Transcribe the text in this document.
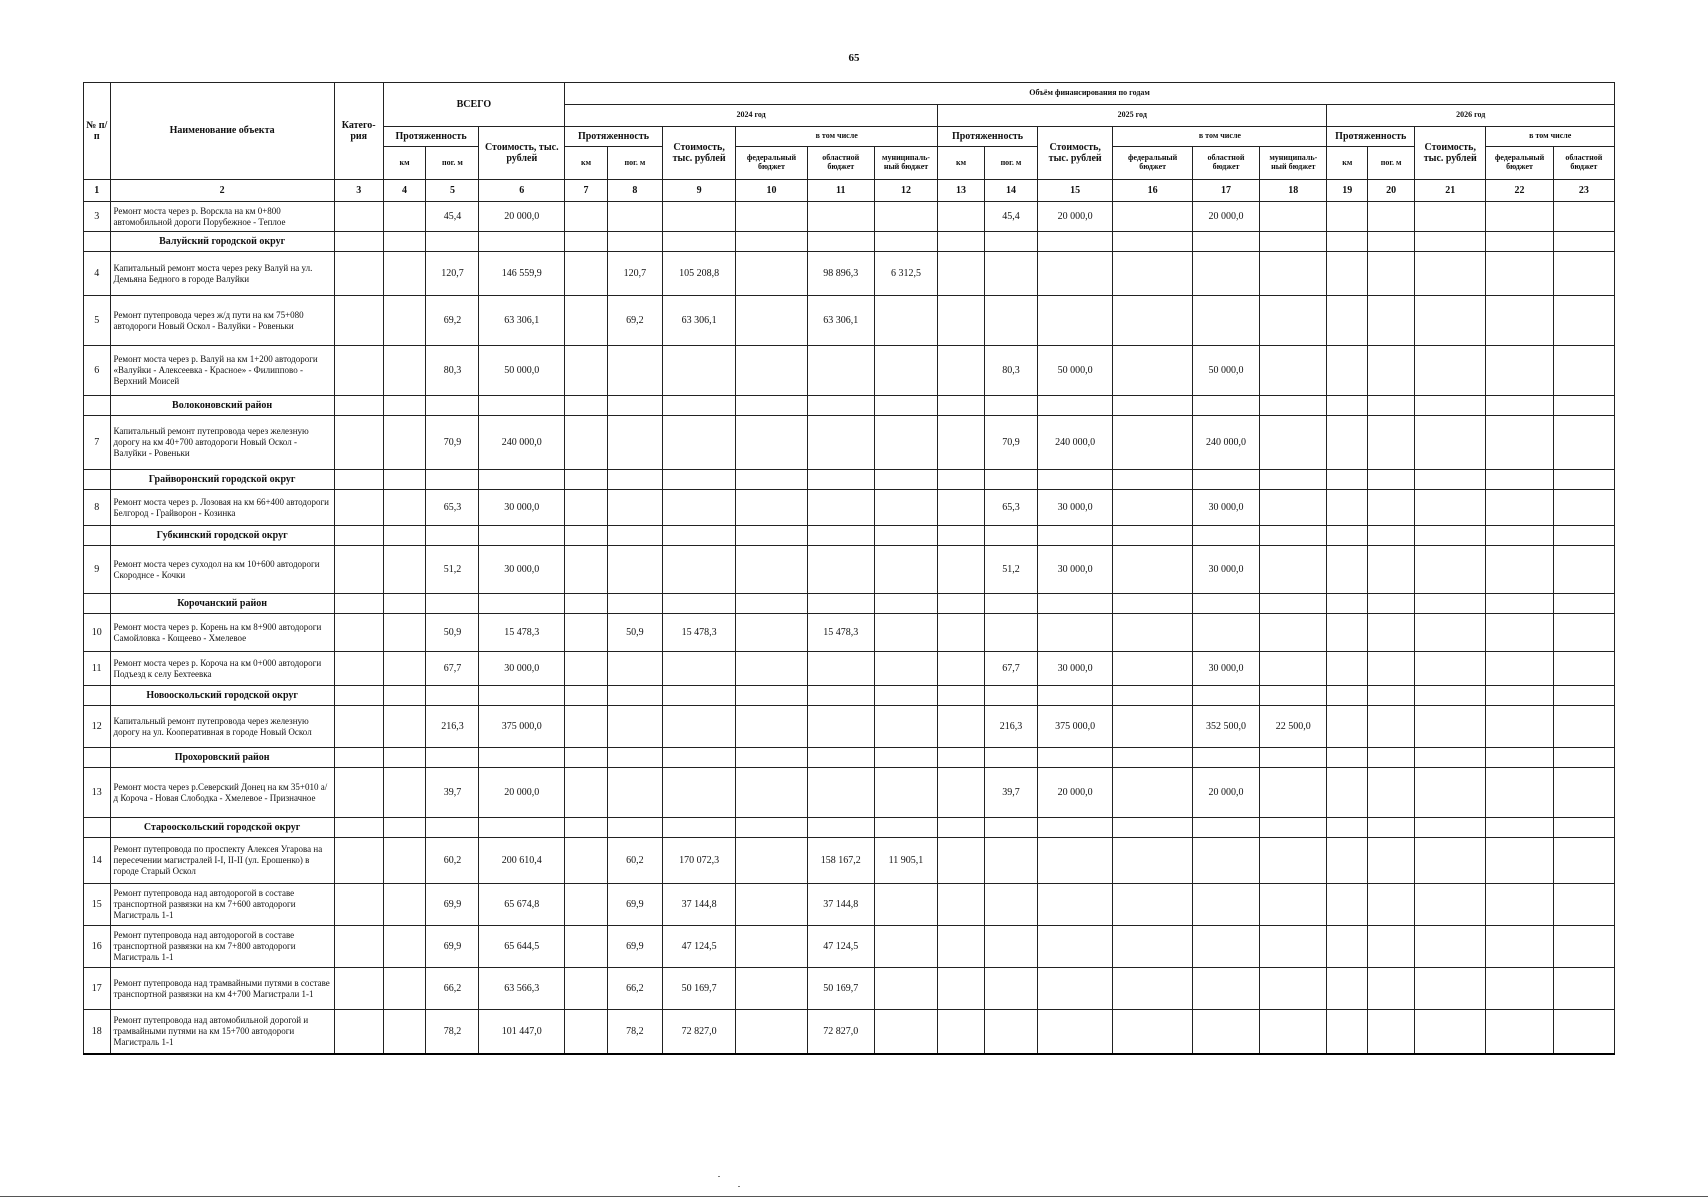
65
№ п/п	Наименование объекта	Катего-рия	ВСЕГО			Объём финансирования по годам																
						2024 год						2025 год						2026 год				
			Протяженность		Стоимость, тыс. рублей	Протяженность		Стоимость, тыс. рублей	в том числе			Протяженность		Стоимость, тыс. рублей	в том числе			Протяженность		Стоимость, тыс. рублей	в том числе	
			км	пог. м		км	пог. м		федеральный бюджет	областной бюджет	муниципаль-ный бюджет	км	пог. м		федеральный бюджет	областной бюджет	муниципаль-ный бюджет	км	пог. м		федеральный бюджет	областной бюджет
1	2	3	4	5	6	7	8	9	10	11	12	13	14	15	16	17	18	19	20	21	22	23
3	Ремонт моста через р. Ворскла на км 0+800 автомобильной дороги Порубежное - Теплое			45,4	20 000,0								45,4	20 000,0		20 000,0						
	Валуйский городской округ																					
4	Капитальный ремонт моста через реку Валуй на ул. Демьяна Бедного в городе Валуйки			120,7	146 559,9		120,7	105 208,8		98 896,3	6 312,5											
5	Ремонт путепровода через ж/д пути на км 75+080 автодороги Новый Оскол - Валуйки - Ровеньки			69,2	63 306,1		69,2	63 306,1		63 306,1												
6	Ремонт моста через р. Валуй на км 1+200 автодороги «Валуйки - Алексеевка - Красное» - Филиппово - Верхний Моисей			80,3	50 000,0								80,3	50 000,0		50 000,0						
	Волоконовский район																					
7	Капитальный ремонт путепровода через железную дорогу на км 40+700 автодороги Новый Оскол - Валуйки - Ровеньки			70,9	240 000,0								70,9	240 000,0		240 000,0						
	Грайворонский городской округ																					
8	Ремонт моста через р. Лозовая на км 66+400 автодороги Белгород - Грайворон - Козинка			65,3	30 000,0								65,3	30 000,0		30 000,0						
	Губкинский городской округ																					
9	Ремонт моста через суходол на км 10+600 автодороги Скороднсе - Кочки			51,2	30 000,0								51,2	30 000,0		30 000,0						
	Корочанский район																					
10	Ремонт моста через р. Корень на км 8+900 автодороги Самойловка - Кощеево - Хмелевое			50,9	15 478,3		50,9	15 478,3		15 478,3												
11	Ремонт моста через р. Короча на км 0+000 автодороги Подъезд к селу Бехтеевка			67,7	30 000,0								67,7	30 000,0		30 000,0						
	Новооскольский городской округ																					
12	Капитальный ремонт путепровода через железную дорогу на ул. Кооперативная в городе Новый Оскол			216,3	375 000,0								216,3	375 000,0		352 500,0	22 500,0					
	Прохоровский район																					
13	Ремонт моста через р.Северский Донец на км 35+010 а/д Короча - Новая Слободка - Хмелевое - Призначное			39,7	20 000,0								39,7	20 000,0		20 000,0						
	Старооскольский городской округ																					
14	Ремонт путепровода по проспекту Алексея Угарова на пересечении магистралей I-I, II-II (ул. Ерошенко) в городе Старый Оскол			60,2	200 610,4		60,2	170 072,3		158 167,2	11 905,1											
15	Ремонт путепровода над автодорогой в составе транспортной развязки на км 7+600 автодороги Магистраль 1-1			69,9	65 674,8		69,9	37 144,8		37 144,8												
16	Ремонт путепровода над автодорогой в составе транспортной развязки на км 7+800 автодороги Магистраль 1-1			69,9	65 644,5		69,9	47 124,5		47 124,5												
17	Ремонт путепровода над трамвайными путями в составе транспортной развязки на км 4+700 Магистрали 1-1			66,2	63 566,3		66,2	50 169,7		50 169,7												
18	Ремонт путепровода над автомобильной дорогой и трамвайными путями на км 15+700 автодороги Магистраль 1-1			78,2	101 447,0		78,2	72 827,0		72 827,0												
